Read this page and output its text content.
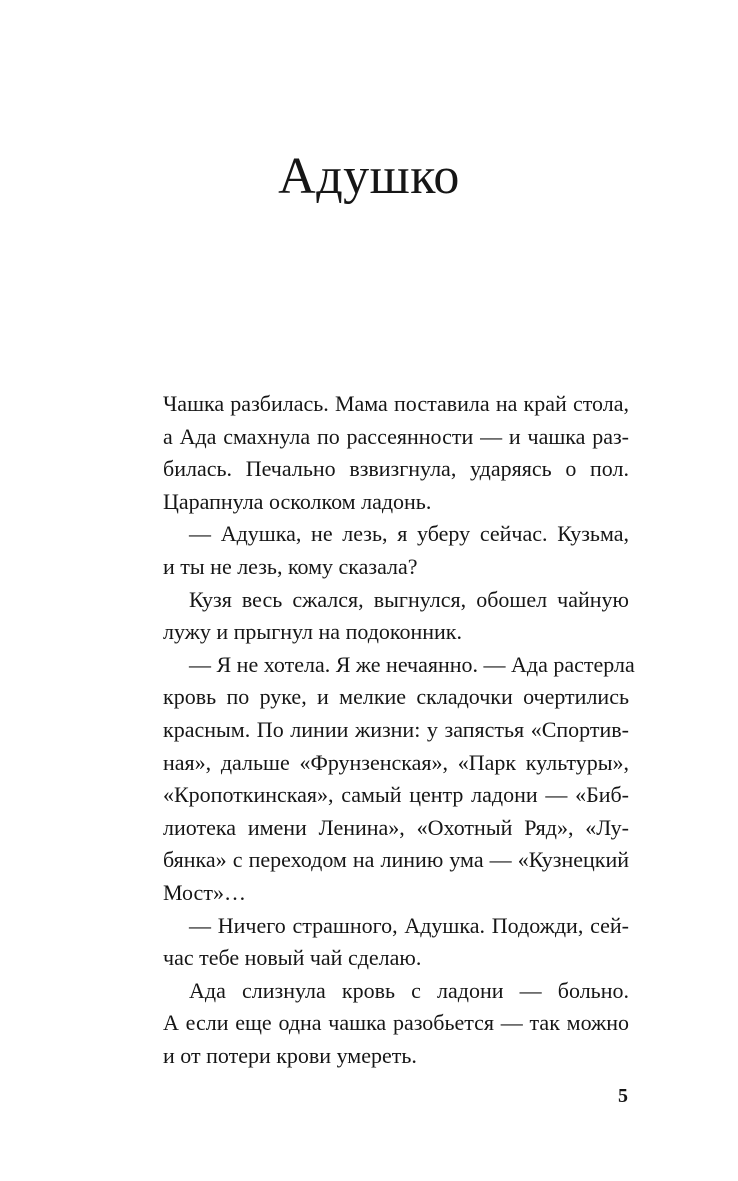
Адушко
Чашка разбилась. Мама поставила на край стола,
а Ада смахнула по рассеянности — и чашка раз-
билась. Печально взвизгнула, ударяясь о пол.
Царапнула осколком ладонь.
— Адушка, не лезь, я уберу сейчас. Кузьма,
и ты не лезь, кому сказала?
Кузя весь сжался, выгнулся, обошел чайную
лужу и прыгнул на подоконник.
— Я не хотела. Я же нечаянно. — Ада растерла
кровь по руке, и мелкие складочки очертились
красным. По линии жизни: у запястья «Спортив-
ная», дальше «Фрунзенская», «Парк культуры»,
«Кропоткинская», самый центр ладони — «Биб-
лиотека имени Ленина», «Охотный Ряд», «Лу-
бянка» с переходом на линию ума — «Кузнецкий
Мост»…
— Ничего страшного, Адушка. Подожди, сей-
час тебе новый чай сделаю.
Ада слизнула кровь с ладони — больно.
А если еще одна чашка разобьется — так можно
и от потери крови умереть.
5
